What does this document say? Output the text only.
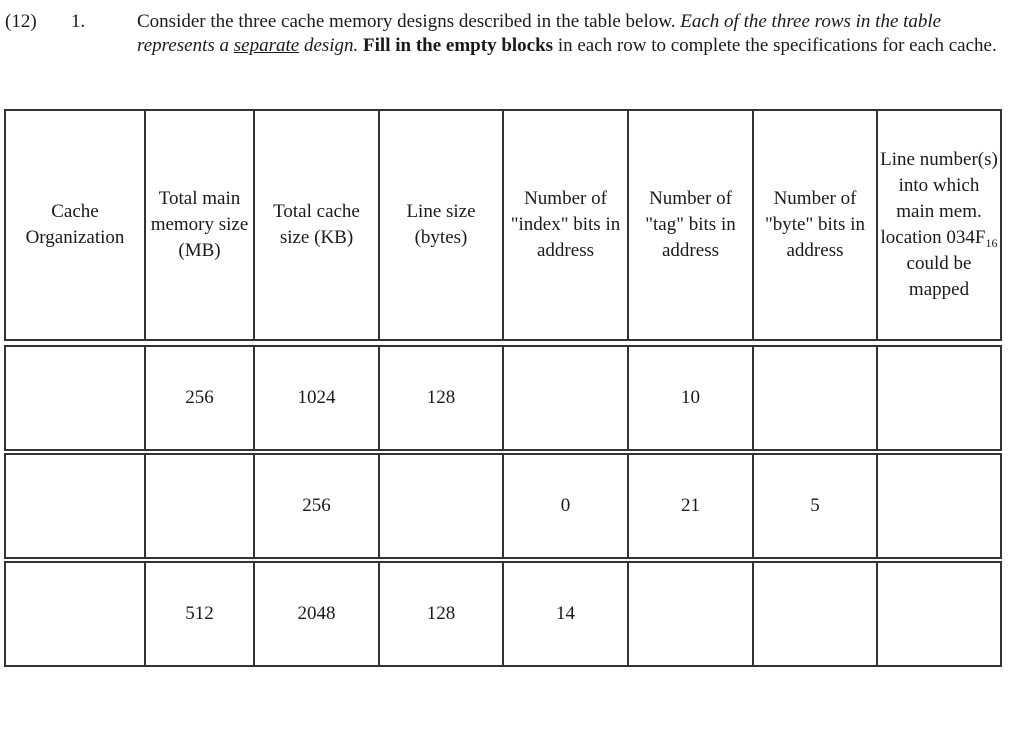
(12) 1.	Consider the three cache memory designs described in the table below. Each of the three rows in the table represents a separate design. Fill in the empty blocks in each row to complete the specifications for each cache.
Cache Organization	Total main memory size (MB)	Total cache size (KB)	Line size (bytes)	Number of "index" bits in address	Number of "tag" bits in address	Number of "byte" bits in address	Line number(s) into which main mem. location $034F_{16}$ could be mapped

	256	1024	128		10		

		256		0	21	5	

	512	2048	128	14			
